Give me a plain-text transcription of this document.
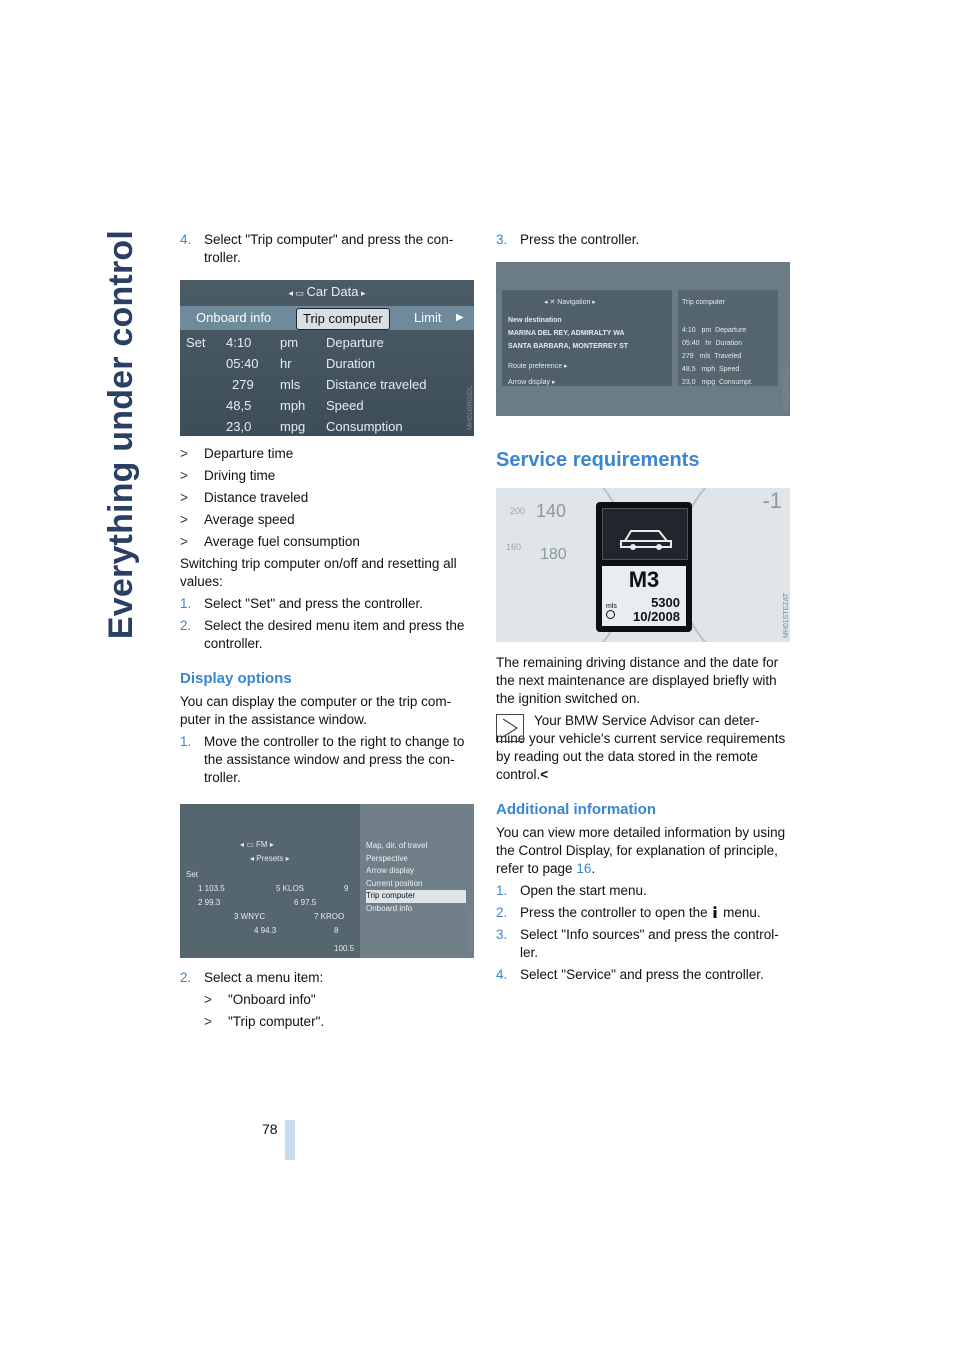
Everything under control
78
4. Select "Trip computer" and press the con-troller.
◂ ▭ Car Data ▸
Onboard info	Trip computer	Limit ▶
Set 4:10 pm Departure
05:40 hr	Duration
279 mls Distance traveled
48,5 mph Speed
23,0 mpg Consumption	MH01BRGIDL
> Departure time
> Driving time
> Distance traveled
> Average speed
> Average fuel consumption
Switching trip computer on/off and resetting all values:
1. Select "Set" and press the controller.
2. Select the desired menu item and press the controller.
Display options
You can display the computer or the trip com-puter in the assistance window.
1. Move the controller to the right to change to the assistance window and press the con-troller.
◂ ▭ FM ▸
◂ Presets ▸
Set
1 103.5	5 KLOS	9
2 99.3	6 97.5
3 WNYC	7 KROO
4 94.3	8 100.5
Map, dir. of travel
Perspective
Arrow display
Current position
Trip computer
Onboard info
MH015ZH1EA
2. Select a menu item:
> "Onboard info"
> "Trip computer".
3. Press the controller.
◂ ✕ Navigation ▸
New destination
MARINA DEL REY, ADMIRALTY WA
SANTA BARBARA, MONTERREY ST
Route preference ▸
Arrow display ▸
Trip computer
4:10 pm Departure
05:40 hr Duration
279 mls Traveled
48,5 mph Speed
23,0 mpg Consumpt.	MH01BBRAZA
Service requirements
200 140
160 180
M3
mls	5300
10/2008
-1
MH01STEZAT
The remaining driving distance and the date for the next maintenance are displayed briefly with the ignition switched on.
Your BMW Service Advisor can deter-mine your vehicle's current service requirements by reading out the data stored in the remote control.<
Additional information
You can view more detailed information by using the Control Display, for explanation of principle, refer to page 16.
1. Open the start menu.
2. Press the controller to open the  menu.
3. Select "Info sources" and press the control-ler.
4. Select "Service" and press the controller.
